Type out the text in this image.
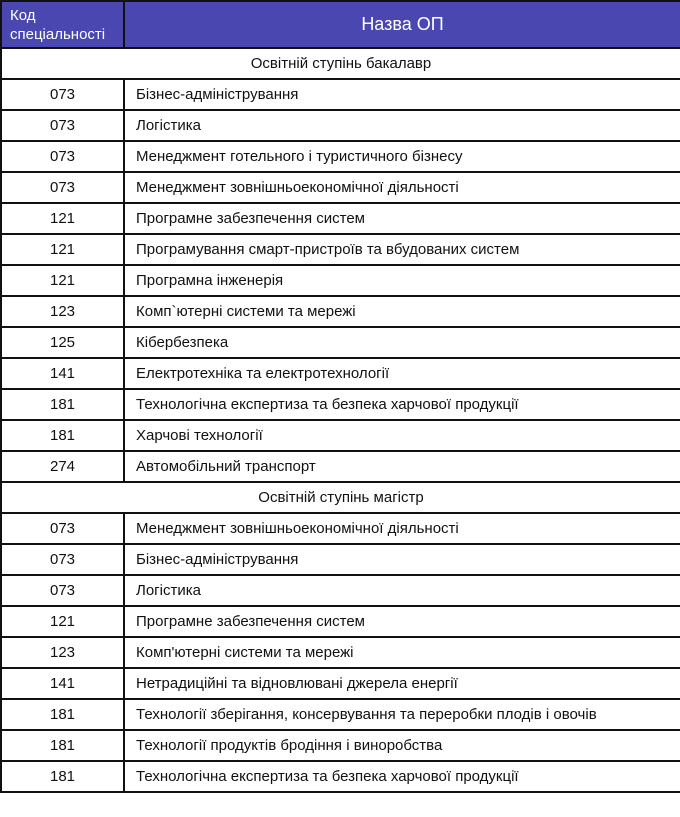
Код спеціальності	Назва ОП
Освітній ступінь бакалавр	
073	Бізнес-адміністрування
073	Логістика
073	Менеджмент готельного і туристичного бізнесу
073	Менеджмент зовнішньоекономічної діяльності
121	Програмне забезпечення систем
121	Програмування смарт-пристроїв та вбудованих систем
121	Програмна інженерія
123	Комп`ютерні системи та мережі
125	Кібербезпека
141	Електротехніка та електротехнології
181	Технологічна експертиза та безпека харчової продукції
181	Харчові технології
274	Автомобільний транспорт
Освітній ступінь магістр	
073	Менеджмент зовнішньоекономічної діяльності
073	Бізнес-адміністрування
073	Логістика
121	Програмне забезпечення систем
123	Комп'ютерні системи та мережі
141	Нетрадиційні та відновлювані джерела енергії
181	Технології зберігання, консервування та переробки плодів і овочів
181	Технології продуктів бродіння і виноробства
181	Технологічна експертиза та безпека харчової продукції
